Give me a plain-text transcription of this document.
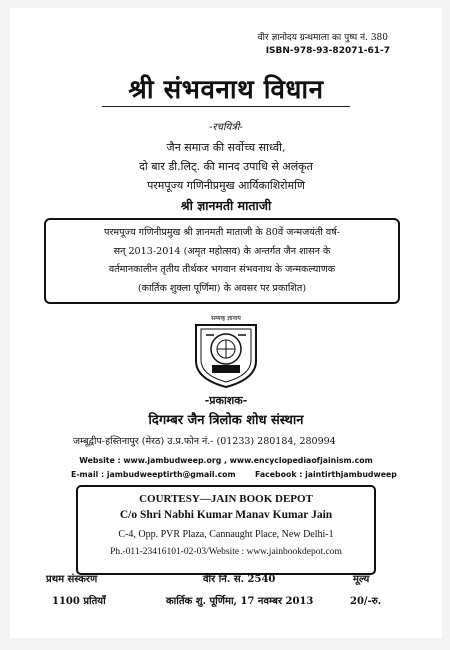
वीर ज्ञानोदय ग्रन्थमाला का पुष्प नं. 380
ISBN-978-93-82071-61-7
श्री संभवनाथ विधान
-रचयित्री-
जैन समाज की सर्वोच्च साध्वी,
दो बार डी.लिट्. की मानद उपाधि से अलंकृत
परमपूज्य गणिनीप्रमुख आर्यिकाशिरोमणि
श्री ज्ञानमती माताजी
परमपूज्य गणिनीप्रमुख श्री ज्ञानमती माताजी के 80वें जन्मजयंती वर्ष-
सन् 2013-2014 (अमृत महोत्सव) के अन्तर्गत जैन शासन के
वर्तमानकालीन तृतीय तीर्थकर भगवान संभवनाथ के जन्मकल्याणक
(कार्तिक शुक्ला पूर्णिमा) के अवसर पर प्रकाशित)
सम्यक् ज्ञानाय
-प्रकाशक-
दिगम्बर जैन त्रिलोक शोध संस्थान
जम्बूद्वीप-हस्तिनापुर (मेरठ) उ.प्र.फोन नं.- (01233) 280184, 280994
Website : www.jambudweep.org , www.encyclopediaofjainism.com
E-mail : jambudweeptirth@gmail.com Facebook : jaintirthjambudweep
COURTESY—JAIN BOOK DEPOT
C/o Shri Nabhi Kumar Manav Kumar Jain
C-4, Opp. PVR Plaza, Cannaught Place, New Delhi-1
Ph.-011-23416101-02-03/Website : www.jainbookdepot.com
प्रथम संस्करण	वीर नि. सं. 2540	मूल्य
1100 प्रतियाँ	कार्तिक शु. पूर्णिमा, 17 नवम्बर 2013	20/-रु.
